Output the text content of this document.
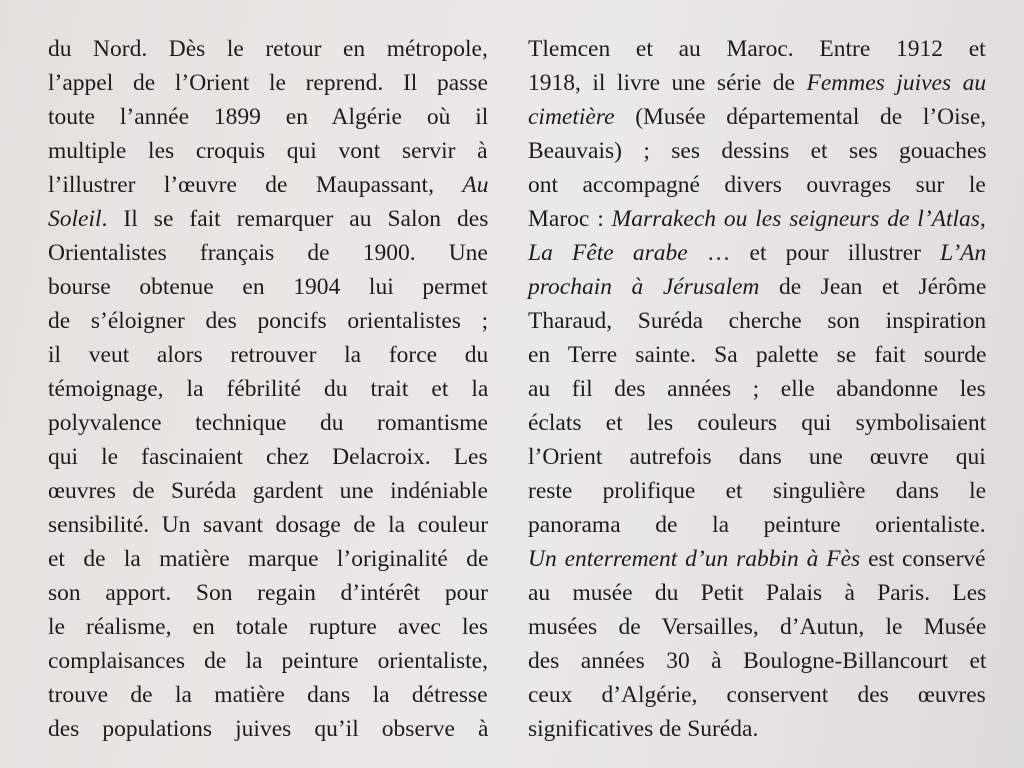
du Nord. Dès le retour en métropole,
l’appel de l’Orient le reprend. Il passe
toute l’année 1899 en Algérie où il
multiple les croquis qui vont servir à
l’illustrer l’œuvre de Maupassant, Au
Soleil. Il se fait remarquer au Salon des
Orientalistes français de 1900. Une
bourse obtenue en 1904 lui permet
de s’éloigner des poncifs orientalistes ;
il veut alors retrouver la force du
témoignage, la fébrilité du trait et la
polyvalence technique du romantisme
qui le fascinaient chez Delacroix. Les
œuvres de Suréda gardent une indéniable
sensibilité. Un savant dosage de la couleur
et de la matière marque l’originalité de
son apport. Son regain d’intérêt pour
le réalisme, en totale rupture avec les
complaisances de la peinture orientaliste,
trouve de la matière dans la détresse
des populations juives qu’il observe à
Tlemcen et au Maroc. Entre 1912 et
1918, il livre une série de Femmes juives au
cimetière (Musée départemental de l’Oise,
Beauvais) ; ses dessins et ses gouaches
ont accompagné divers ouvrages sur le
Maroc : Marrakech ou les seigneurs de l’Atlas,
La Fête arabe … et pour illustrer L’An
prochain à Jérusalem de Jean et Jérôme
Tharaud, Suréda cherche son inspiration
en Terre sainte. Sa palette se fait sourde
au fil des années ; elle abandonne les
éclats et les couleurs qui symbolisaient
l’Orient autrefois dans une œuvre qui
reste prolifique et singulière dans le
panorama de la peinture orientaliste.
Un enterrement d’un rabbin à Fès est conservé
au musée du Petit Palais à Paris. Les
musées de Versailles, d’Autun, le Musée
des années 30 à Boulogne-Billancourt et
ceux d’Algérie, conservent des œuvres
significatives de Suréda.
